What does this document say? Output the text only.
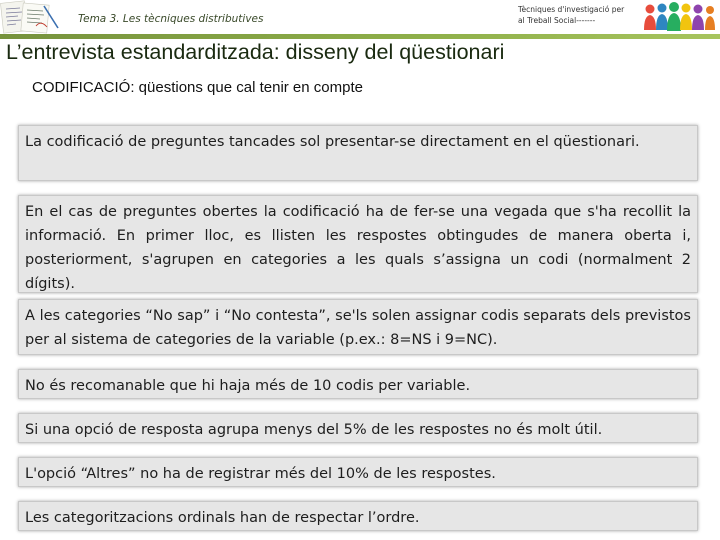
Tema 3. Les tècniques distributives
Tècniques d'investigació per
al Treball Social-------
L’entrevista estandarditzada: disseny del qüestionari
CODIFICACIÓ: qüestions que cal tenir en compte
La codificació de preguntes tancades sol presentar-se directament en el qüestionari.
En el cas de preguntes obertes la codificació ha de fer-se una vegada que s'ha recollit la informació. En primer lloc, es llisten les respostes obtingudes de manera oberta i, posteriorment, s'agrupen en categories a les quals s’assigna un codi (normalment 2 dígits).
A les categories “No sap” i “No contesta”, se'ls solen assignar codis separats dels previstos per al sistema de categories de la variable (p.ex.: 8=NS i 9=NC).
No és recomanable que hi haja més de 10 codis per variable.
Si una opció de resposta agrupa menys del 5% de les respostes no és molt útil.
L'opció “Altres” no ha de registrar més del 10% de les respostes.
Les categoritzacions ordinals han de respectar l’ordre.
